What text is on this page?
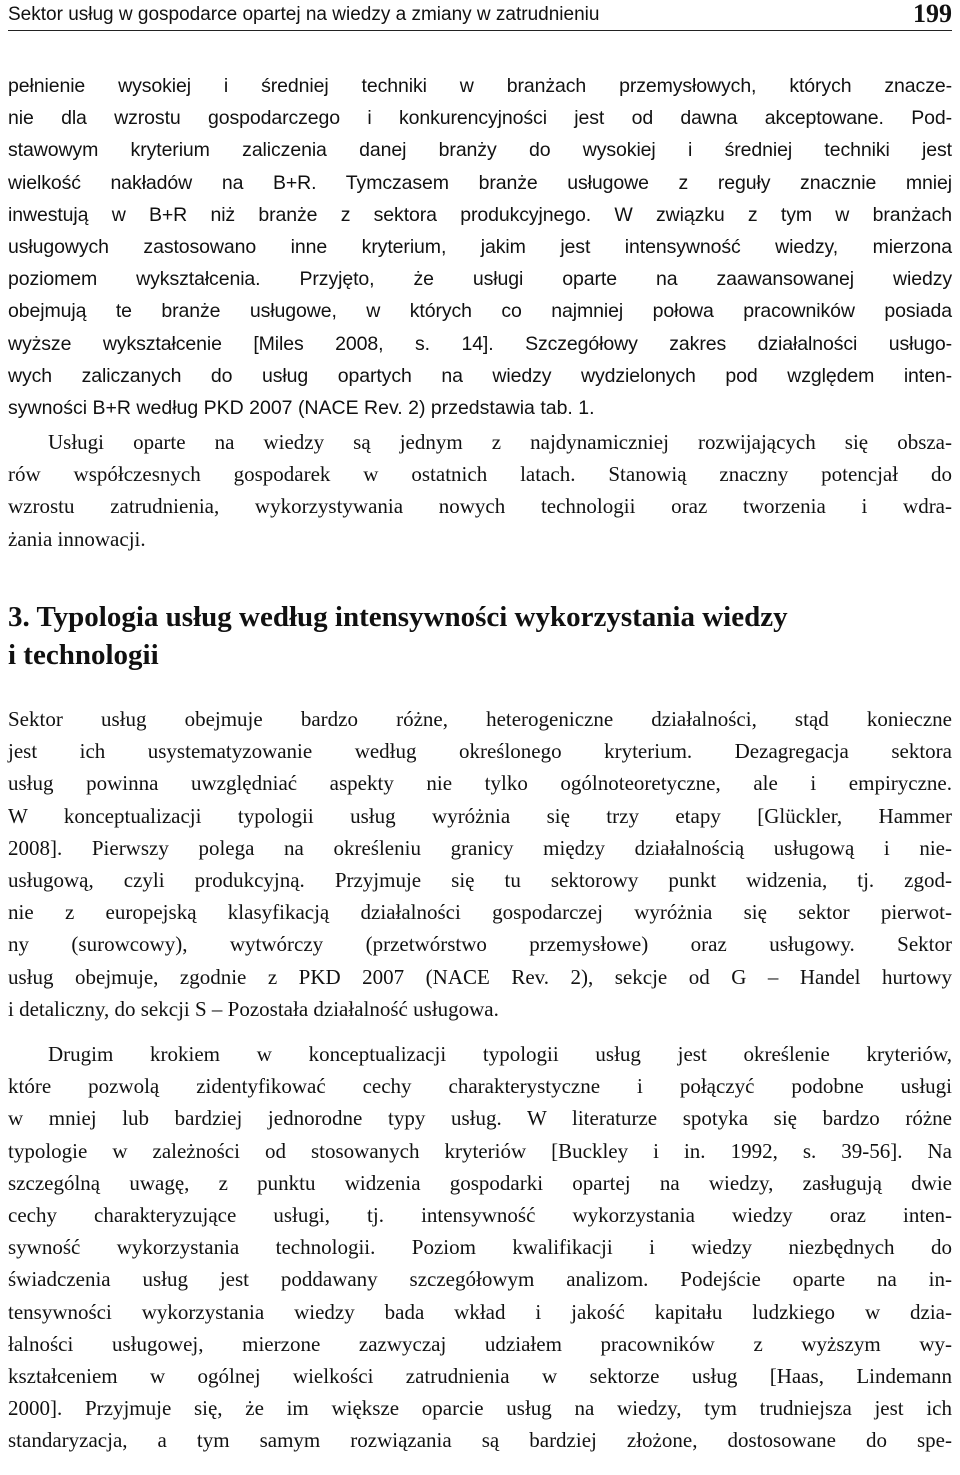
Sektor usług w gospodarce opartej na wiedzy a zmiany w zatrudnieniu	199
pełnienie wysokiej i średniej techniki w branżach przemysłowych, których znacze-
nie dla wzrostu gospodarczego i konkurencyjności jest od dawna akceptowane. Pod-
stawowym kryterium zaliczenia danej branży do wysokiej i średniej techniki jest
wielkość nakładów na B+R. Tymczasem branże usługowe z reguły znacznie mniej
inwestują w B+R niż branże z sektora produkcyjnego. W związku z tym w branżach
usługowych zastosowano inne kryterium, jakim jest intensywność wiedzy, mierzona
poziomem wykształcenia. Przyjęto, że usługi oparte na zaawansowanej wiedzy
obejmują te branże usługowe, w których co najmniej połowa pracowników posiada
wyższe wykształcenie [Miles 2008, s. 14]. Szczegółowy zakres działalności usługo-
wych zaliczanych do usług opartych na wiedzy wydzielonych pod względem inten-
sywności B+R według PKD 2007 (NACE Rev. 2) przedstawia tab. 1.
Usługi oparte na wiedzy są jednym z najdynamiczniej rozwijających się obsza-
rów współczesnych gospodarek w ostatnich latach. Stanowią znaczny potencjał do
wzrostu zatrudnienia, wykorzystywania nowych technologii oraz tworzenia i wdra-
żania innowacji.
3. Typologia usług według intensywności wykorzystania wiedzy
i technologii
Sektor usług obejmuje bardzo różne, heterogeniczne działalności, stąd konieczne
jest ich usystematyzowanie według określonego kryterium. Dezagregacja sektora
usług powinna uwzględniać aspekty nie tylko ogólnoteoretyczne, ale i empiryczne.
W konceptualizacji typologii usług wyróżnia się trzy etapy [Glückler, Hammer
2008]. Pierwszy polega na określeniu granicy między działalnością usługową i nie-
usługową, czyli produkcyjną. Przyjmuje się tu sektorowy punkt widzenia, tj. zgod-
nie z europejską klasyfikacją działalności gospodarczej wyróżnia się sektor pierwot-
ny (surowcowy), wytwórczy (przetwórstwo przemysłowe) oraz usługowy. Sektor
usług obejmuje, zgodnie z PKD 2007 (NACE Rev. 2), sekcje od G – Handel hurtowy
i detaliczny, do sekcji S – Pozostała działalność usługowa.
Drugim krokiem w konceptualizacji typologii usług jest określenie kryteriów,
które pozwolą zidentyfikować cechy charakterystyczne i połączyć podobne usługi
w mniej lub bardziej jednorodne typy usług. W literaturze spotyka się bardzo różne
typologie w zależności od stosowanych kryteriów [Buckley i in. 1992, s. 39-56]. Na
szczególną uwagę, z punktu widzenia gospodarki opartej na wiedzy, zasługują dwie
cechy charakteryzujące usługi, tj. intensywność wykorzystania wiedzy oraz inten-
sywność wykorzystania technologii. Poziom kwalifikacji i wiedzy niezbędnych do
świadczenia usług jest poddawany szczegółowym analizom. Podejście oparte na in-
tensywności wykorzystania wiedzy bada wkład i jakość kapitału ludzkiego w dzia-
łalności usługowej, mierzone zazwyczaj udziałem pracowników z wyższym wy-
kształceniem w ogólnej wielkości zatrudnienia w sektorze usług [Haas, Lindemann
2000]. Przyjmuje się, że im większe oparcie usług na wiedzy, tym trudniejsza jest ich
standaryzacja, a tym samym rozwiązania są bardziej złożone, dostosowane do spe-
